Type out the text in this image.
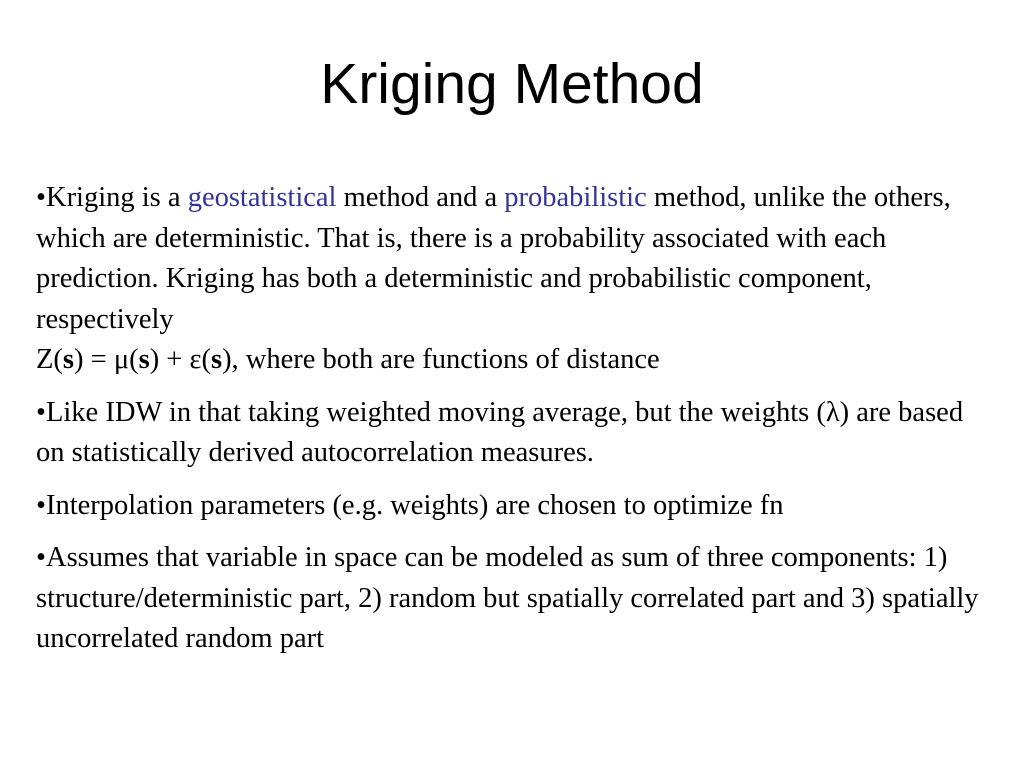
Kriging Method

•Kriging is a geostatistical method and a probabilistic method, unlike the others, which are deterministic. That is, there is a probability associated with each prediction. Kriging has both a deterministic and probabilistic component, respectively
Z(s) = μ(s) + ε(s), where both are functions of distance

•Like IDW in that taking weighted moving average, but the weights (λ) are based on statistically derived autocorrelation measures.

•Interpolation parameters (e.g. weights) are chosen to optimize fn

•Assumes that variable in space can be modeled as sum of three components: 1) structure/deterministic part, 2) random but spatially correlated part and 3) spatially uncorrelated random part
